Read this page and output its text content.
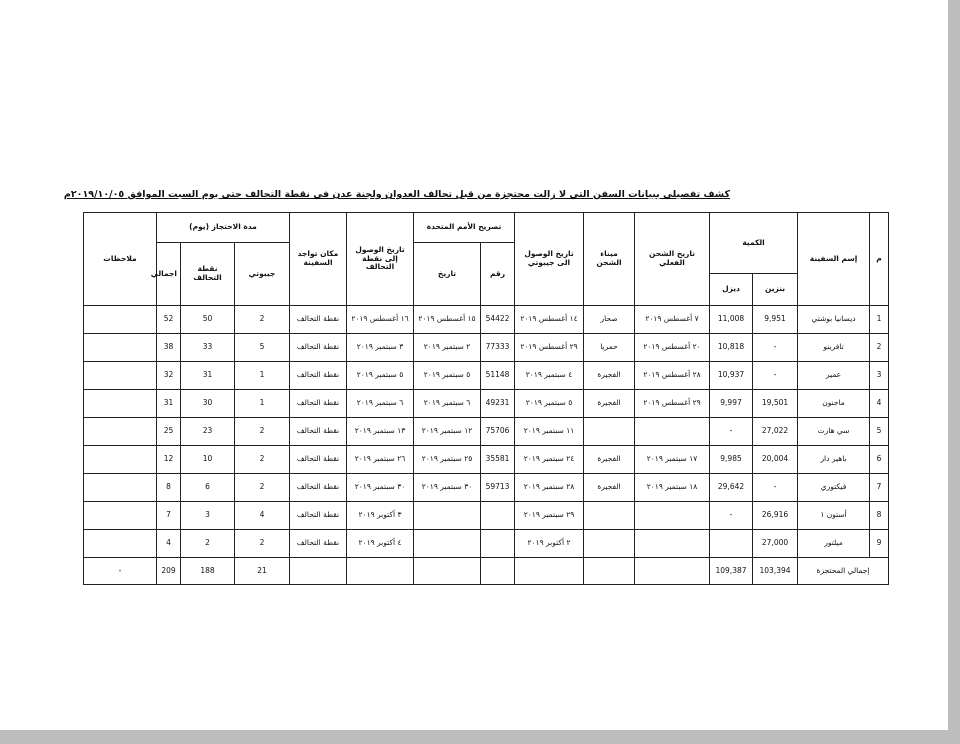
كشف تفصيلي ببيانات السفن التي لا زالت محتجزة من قبل تحالف العدوان ولجنة عدن في نقطة التحالف حتى يوم السبت الموافق ٢٠١٩/١٠/٠٥م
م	إسم السفينة	الكمية		تاريخ الشحن الفعلي	ميناء الشحن	تاريخ الوصول الى جيبوتي	تصريح الأمم المتحدة		تاريخ الوصول إلى نقطة التحالف	مكان تواجد السفينة	مدة الاحتجاز (يوم)			ملاحظات
							رقم	تاريخ			جيبوتي	نقطة التحالف	اجمالي	
		بنزين	ديزل											
1	ديسانيا بوشتي	9,951	11,008	٧ أغسطس ٢٠١٩	صحار	١٤ أغسطس ٢٠١٩	54422	١٥ أغسطس ٢٠١٩	١٦ أغسطس ٢٠١٩	نقطة التحالف	2	50	52	
2	تافرينو	-	10,818	٢٠ أغسطس ٢٠١٩	حمريا	٢٩ أغسطس ٢٠١٩	77333	٢ سبتمبر ٢٠١٩	٣ سبتمبر ٢٠١٩	نقطة التحالف	5	33	38	
3	عمير	-	10,937	٢٨ أغسطس ٢٠١٩	الفجيرة	٤ سبتمبر ٢٠١٩	51148	٥ سبتمبر ٢٠١٩	٥ سبتمبر ٢٠١٩	نقطة التحالف	1	31	32	
4	ماجنون	19,501	9,997	٢٩ أغسطس ٢٠١٩	الفجيرة	٥ سبتمبر ٢٠١٩	49231	٦ سبتمبر ٢٠١٩	٦ سبتمبر ٢٠١٩	نقطة التحالف	1	30	31	
5	سي هارت	27,022	-			١١ سبتمبر ٢٠١٩	75706	١٢ سبتمبر ٢٠١٩	١٣ سبتمبر ٢٠١٩	نقطة التحالف	2	23	25	
6	باهير دار	20,004	9,985	١٧ سبتمبر ٢٠١٩	الفجيرة	٢٤ سبتمبر ٢٠١٩	35581	٢٥ سبتمبر ٢٠١٩	٢٦ سبتمبر ٢٠١٩	نقطة التحالف	2	10	12	
7	فيكتوري	-	29,642	١٨ سبتمبر ٢٠١٩	الفجيرة	٢٨ سبتمبر ٢٠١٩	59713	٣٠ سبتمبر ٢٠١٩	٣٠ سبتمبر ٢٠١٩	نقطة التحالف	2	6	8	
8	أستون ١	26,916	-			٢٩ سبتمبر ٢٠١٩			٣ أكتوبر ٢٠١٩	نقطة التحالف	4	3	7	
9	ميلتور	27,000				٢ أكتوبر ٢٠١٩			٤ أكتوبر ٢٠١٩	نقطة التحالف	2	2	4	
إجمالي المحتجزة		103,394	109,387								21	188	209	-
